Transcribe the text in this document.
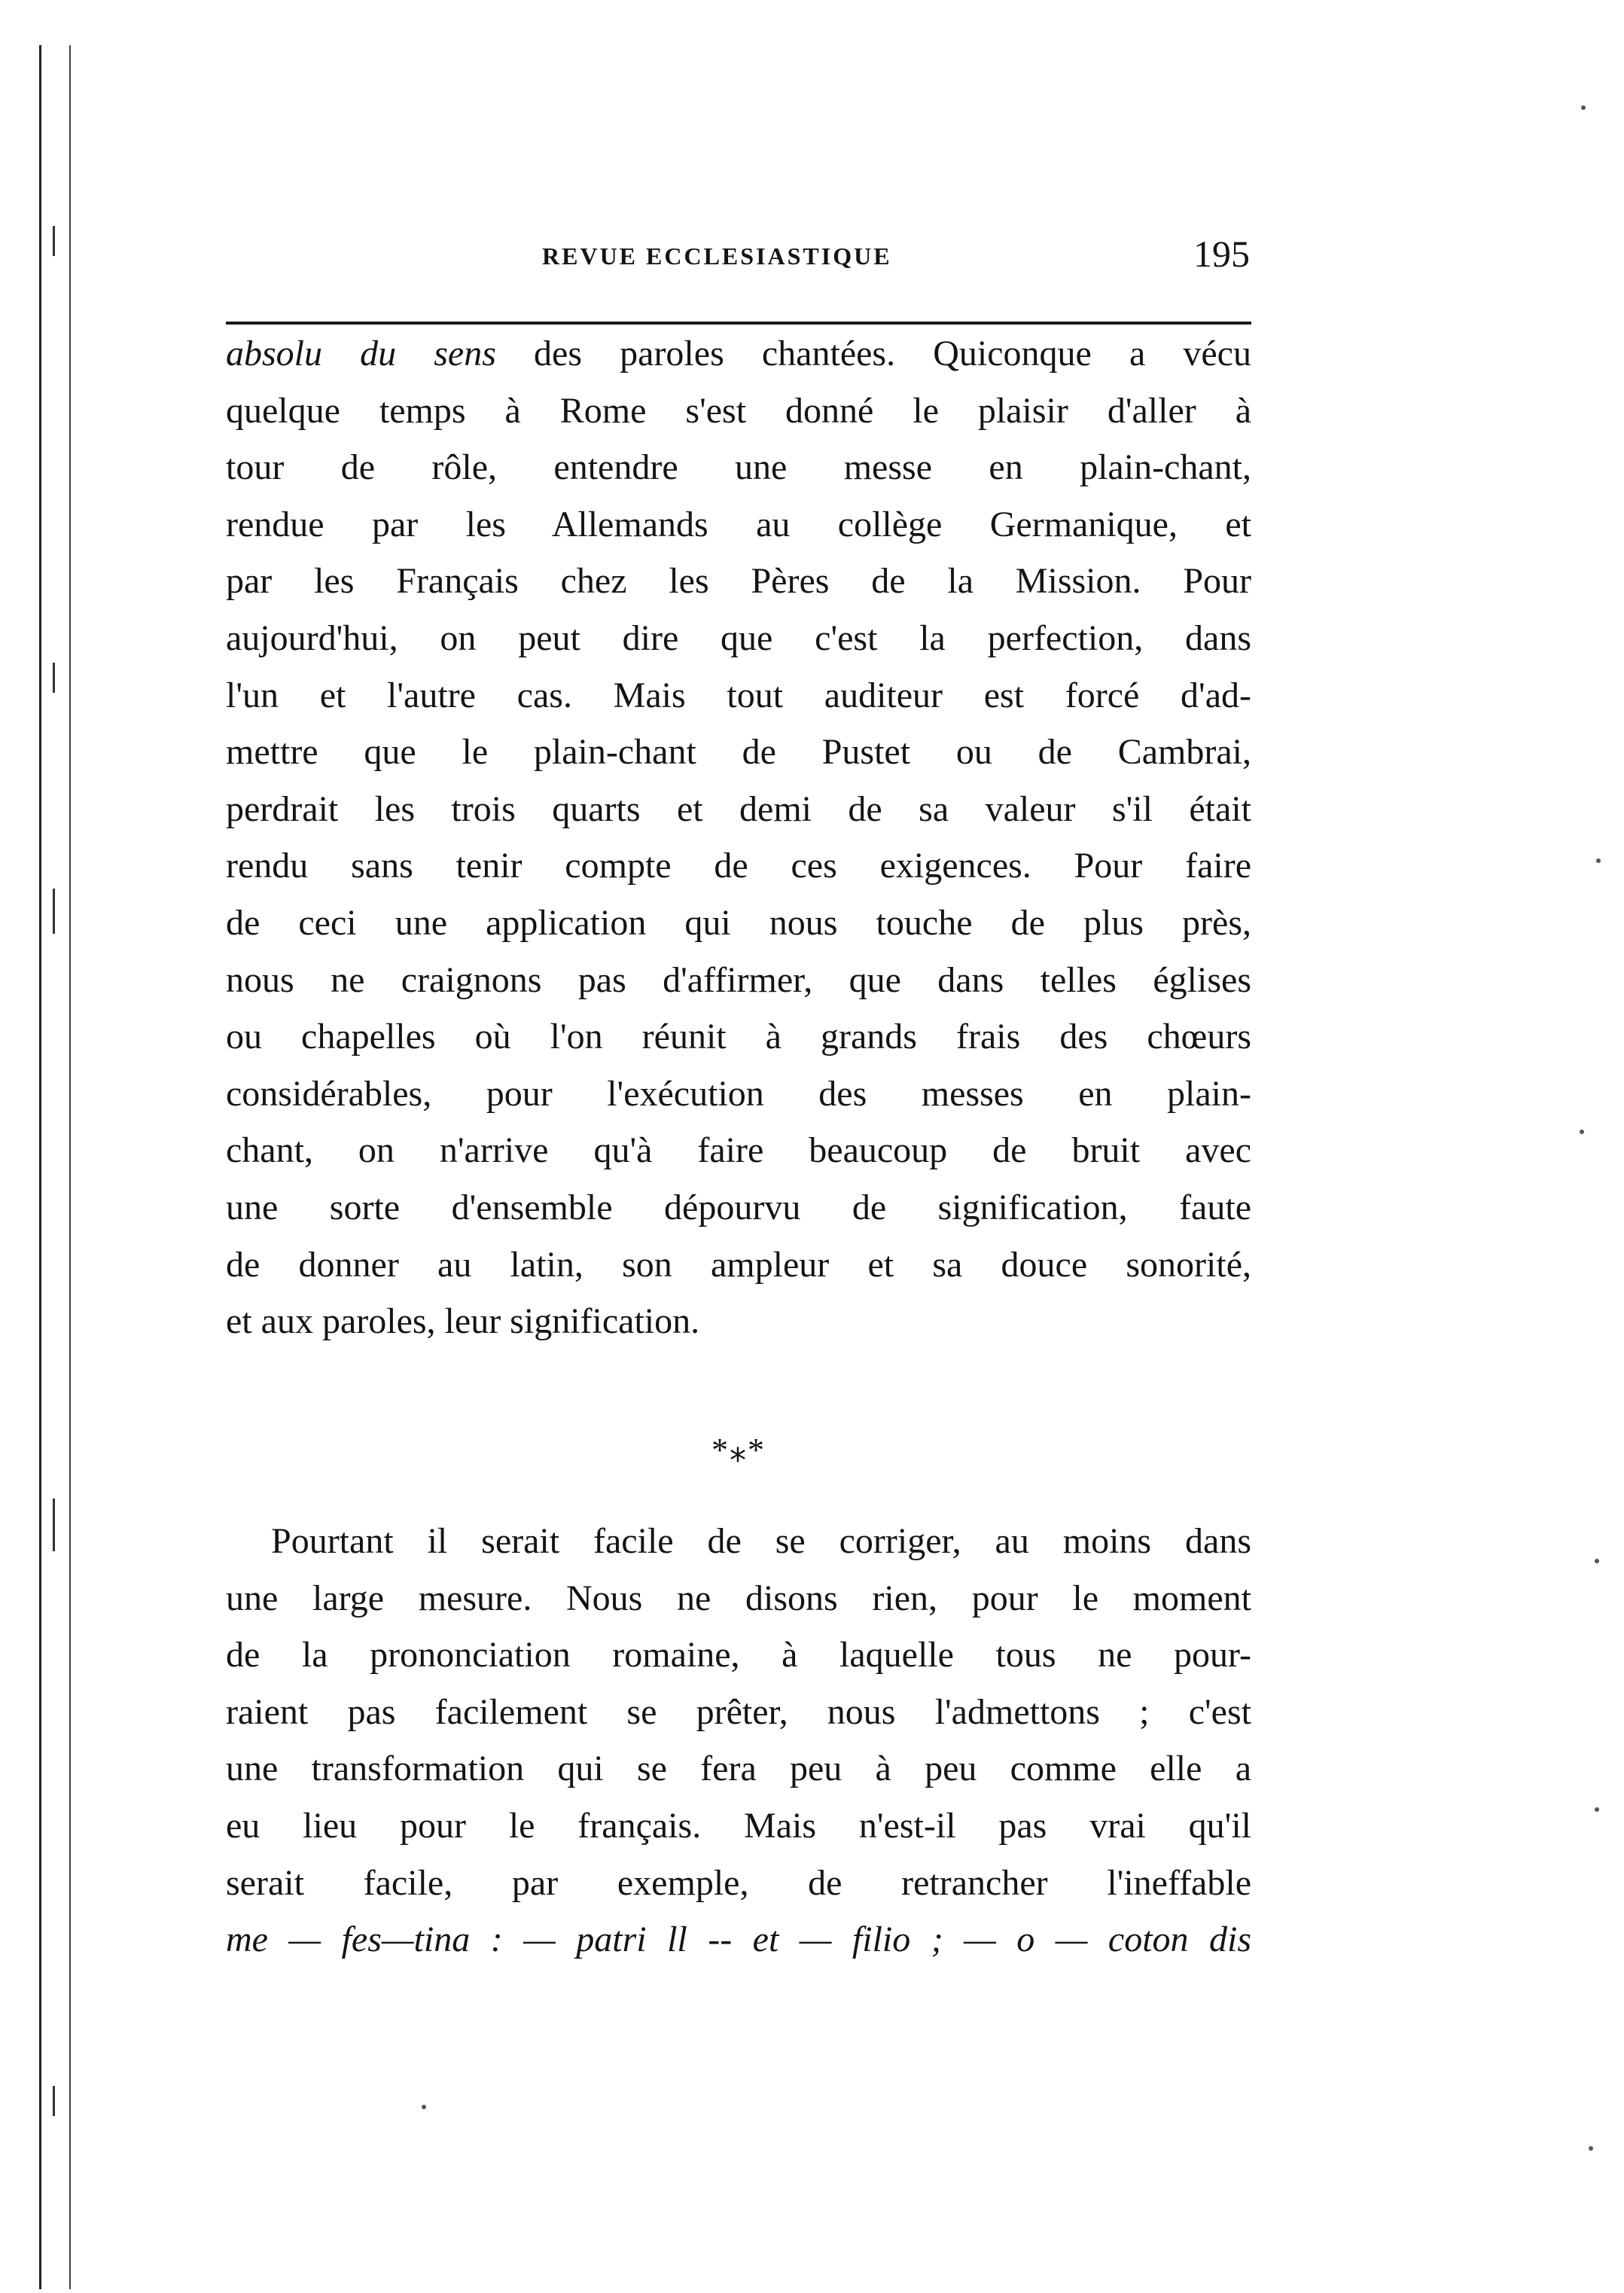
REVUE ECCLESIASTIQUE	195
absolu du sens des paroles chantées. Quiconque a vécu
quelque temps à Rome s'est donné le plaisir d'aller à
tour de rôle, entendre une messe en plain-chant,
rendue par les Allemands au collège Germanique, et
par les Français chez les Pères de la Mission. Pour
aujourd'hui, on peut dire que c'est la perfection, dans
l'un et l'autre cas. Mais tout auditeur est forcé d'ad-
mettre que le plain-chant de Pustet ou de Cambrai,
perdrait les trois quarts et demi de sa valeur s'il était
rendu sans tenir compte de ces exigences. Pour faire
de ceci une application qui nous touche de plus près,
nous ne craignons pas d'affirmer, que dans telles églises
ou chapelles où l'on réunit à grands frais des chœurs
considérables, pour l'exécution des messes en plain-
chant, on n'arrive qu'à faire beaucoup de bruit avec
une sorte d'ensemble dépourvu de signification, faute
de donner au latin, son ampleur et sa douce sonorité,
et aux paroles, leur signification.
*⁎*
Pourtant il serait facile de se corriger, au moins dans
une large mesure. Nous ne disons rien, pour le moment
de la prononciation romaine, à laquelle tous ne pour-
raient pas facilement se prêter, nous l'admettons ; c'est
une transformation qui se fera peu à peu comme elle a
eu lieu pour le français. Mais n'est-il pas vrai qu'il
serait facile, par exemple, de retrancher l'ineffable
me — fes—tina : — patri ll -- et — filio ; — o — coton dis
